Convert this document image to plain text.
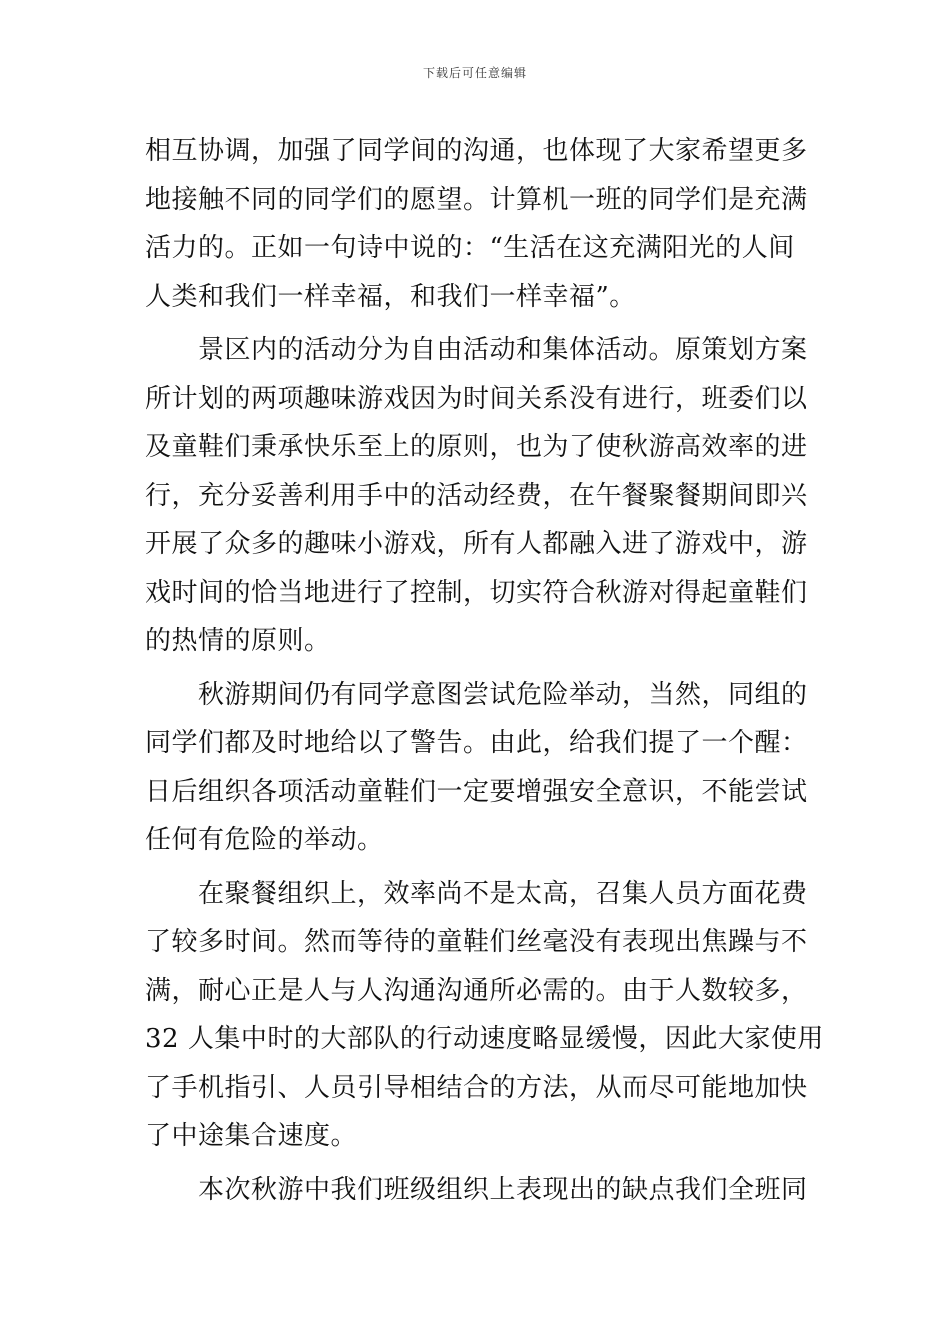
下载后可任意编辑
相互协调，加强了同学间的沟通，也体现了大家希望更多
地接触不同的同学们的愿望。计算机一班的同学们是充满
活力的。正如一句诗中说的：“生活在这充满阳光的人间
人类和我们一样幸福，和我们一样幸福”。
　　景区内的活动分为自由活动和集体活动。原策划方案
所计划的两项趣味游戏因为时间关系没有进行，班委们以
及童鞋们秉承快乐至上的原则，也为了使秋游高效率的进
行，充分妥善利用手中的活动经费，在午餐聚餐期间即兴
开展了众多的趣味小游戏，所有人都融入进了游戏中，游
戏时间的恰当地进行了控制，切实符合秋游对得起童鞋们
的热情的原则。
　　秋游期间仍有同学意图尝试危险举动，当然，同组的
同学们都及时地给以了警告。由此，给我们提了一个醒：
日后组织各项活动童鞋们一定要增强安全意识，不能尝试
任何有危险的举动。
　　在聚餐组织上，效率尚不是太高，召集人员方面花费
了较多时间。然而等待的童鞋们丝毫没有表现出焦躁与不
满，耐心正是人与人沟通沟通所必需的。由于人数较多，
32 人集中时的大部队的行动速度略显缓慢，因此大家使用
了手机指引、人员引导相结合的方法，从而尽可能地加快
了中途集合速度。
　　本次秋游中我们班级组织上表现出的缺点我们全班同
